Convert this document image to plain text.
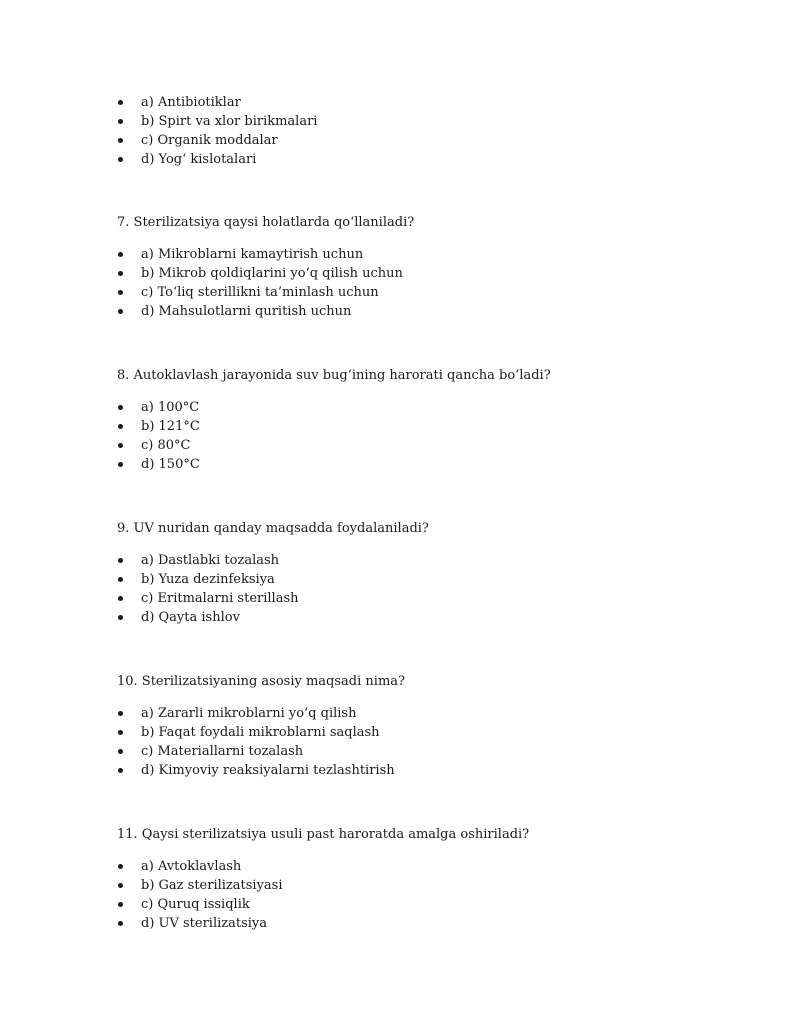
a) Antibiotiklar
b) Spirt va xlor birikmalari
c) Organik moddalar
d) Yog‘ kislotalari

7. Sterilizatsiya qaysi holatlarda qo‘llaniladi?

a) Mikroblarni kamaytirish uchun
b) Mikrob qoldiqlarini yo‘q qilish uchun
c) To‘liq sterillikni ta’minlash uchun
d) Mahsulotlarni quritish uchun

8. Autoklavlash jarayonida suv bug‘ining harorati qancha bo‘ladi?

a) 100°C
b) 121°C
c) 80°C
d) 150°C

9. UV nuridan qanday maqsadda foydalaniladi?

a) Dastlabki tozalash
b) Yuza dezinfeksiya
c) Eritmalarni sterillash
d) Qayta ishlov

10. Sterilizatsiyaning asosiy maqsadi nima?

a) Zararli mikroblarni yo‘q qilish
b) Faqat foydali mikroblarni saqlash
c) Materiallarni tozalash
d) Kimyoviy reaksiyalarni tezlashtirish

11. Qaysi sterilizatsiya usuli past haroratda amalga oshiriladi?

a) Avtoklavlash
b) Gaz sterilizatsiyasi
c) Quruq issiqlik
d) UV sterilizatsiya
